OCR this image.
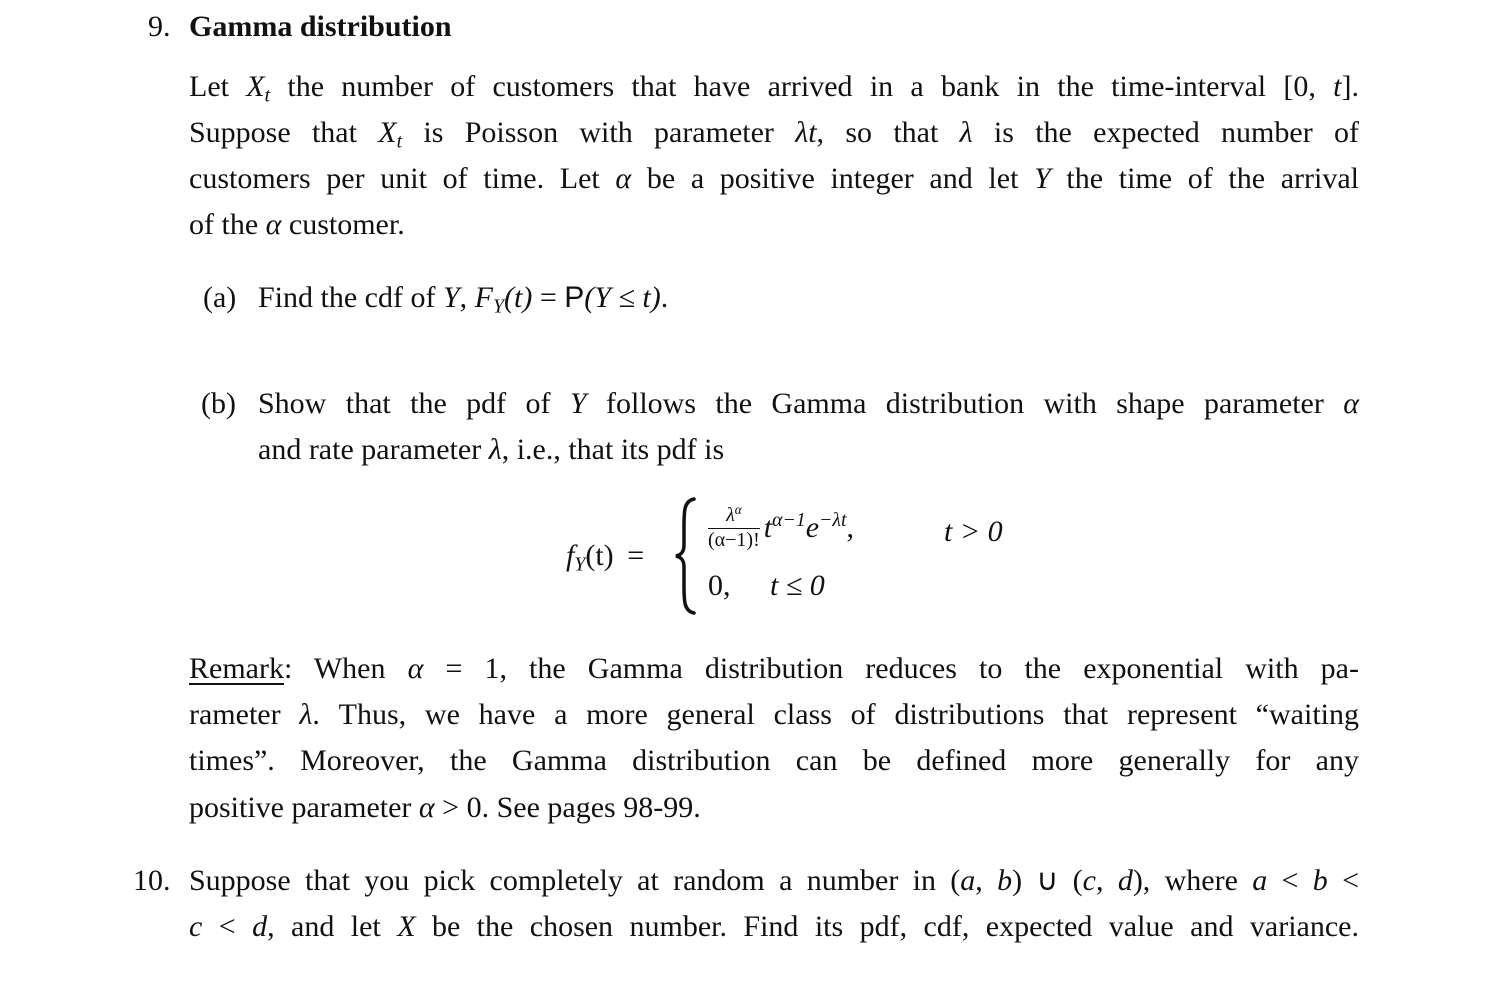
9. Gamma distribution
Let $X_t$ the number of customers that have arrived in a bank in the time-interval [0, t].
Suppose that $X_t$ is Poisson with parameter λt, so that λ is the expected number of
customers per unit of time. Let α be a positive integer and let Y the time of the arrival
of the α customer.
(a) Find the cdf of Y, $F_Y(t) = P(Y \le t)$.
(b) Show that the pdf of Y follows the Gamma distribution with shape parameter α
and rate parameter λ, i.e., that its pdf is
$f_Y(t)$ =
$\frac{\lambda^\alpha}{(\alpha-1)!} t^{\alpha-1}e^{-\lambda t}$,	t > 0
0, t ≤ 0
Remark: When α = 1, the Gamma distribution reduces to the exponential with pa-
rameter λ. Thus, we have a more general class of distributions that represent “waiting
times”. Moreover, the Gamma distribution can be defined more generally for any
positive parameter α > 0. See pages 98-99.
10. Suppose that you pick completely at random a number in (a, b) ∪ (c, d), where a < b <
c < d, and let X be the chosen number. Find its pdf, cdf, expected value and variance.
